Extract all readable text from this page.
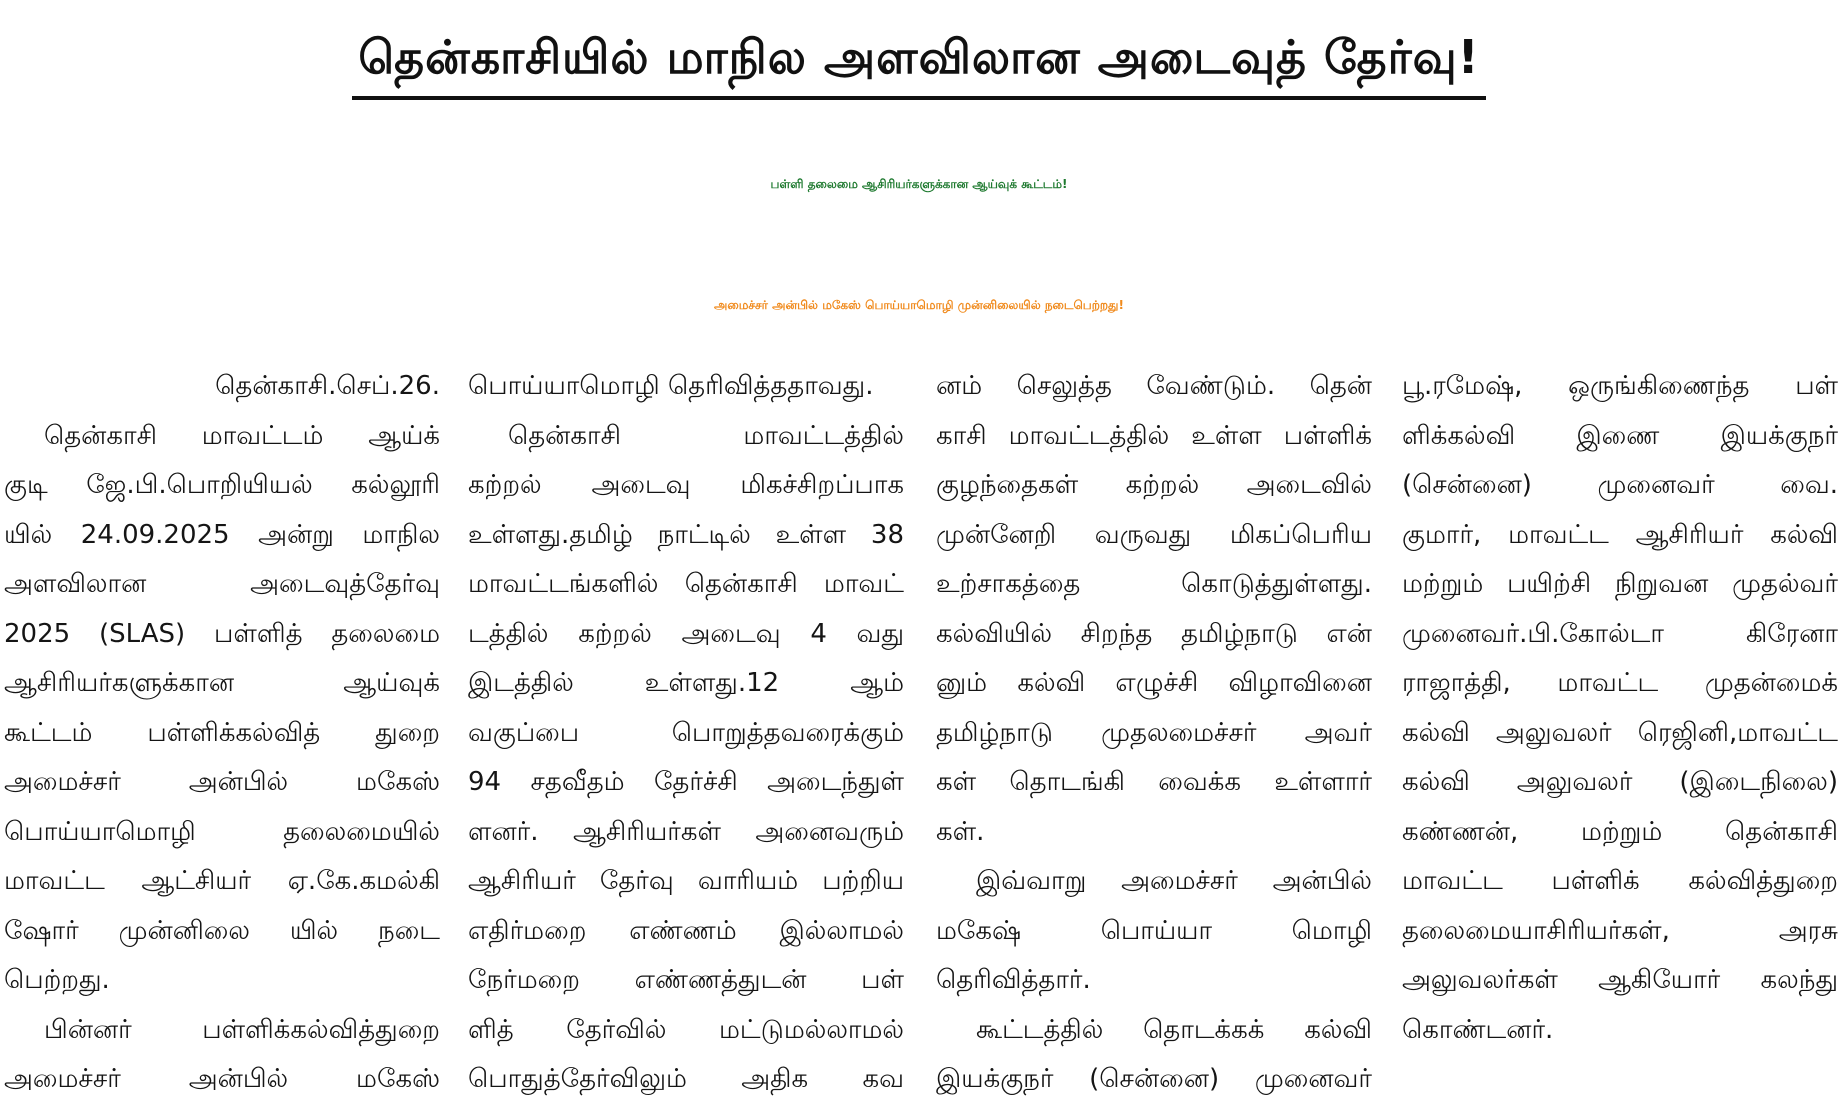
தென்காசியில் மாநில அளவிலான அடைவுத் தேர்வு!
பள்ளி தலைமை ஆசிரியர்களுக்கான ஆய்வுக் கூட்டம்!
அமைச்சர் அன்பில் மகேஸ் பொய்யாமொழி முன்னிலையில் நடைபெற்றது!
தென்காசி.செப்.26.
தென்காசி மாவட்டம் ஆய்க்
குடி ஜே.பி.பொறியியல் கல்லூரி
யில் 24.09.2025 அன்று மாநில
அளவிலான அடைவுத்தேர்வு
2025 (SLAS) பள்ளித் தலைமை
ஆசிரியர்களுக்கான ஆய்வுக்
கூட்டம் பள்ளிக்கல்வித் துறை
அமைச்சர் அன்பில் மகேஸ்
பொய்யாமொழி தலைமையில்
மாவட்ட ஆட்சியர் ஏ.கே.கமல்கி
ஷோர் முன்னிலை யில் நடை
பெற்றது.
பின்னர் பள்ளிக்கல்வித்துறை
அமைச்சர் அன்பில் மகேஸ்
பொய்யாமொழி தெரிவித்ததாவது.
தென்காசி மாவட்டத்தில்
கற்றல் அடைவு மிகச்சிறப்பாக
உள்ளது.தமிழ் நாட்டில் உள்ள 38
மாவட்டங்களில் தென்காசி மாவட்
டத்தில் கற்றல் அடைவு 4 வது
இடத்தில் உள்ளது.12 ஆம்
வகுப்பை பொறுத்தவரைக்கும்
94 சதவீதம் தேர்ச்சி அடைந்துள்
ளனர். ஆசிரியர்கள் அனைவரும்
ஆசிரியர் தேர்வு வாரியம் பற்றிய
எதிர்மறை எண்ணம் இல்லாமல்
நேர்மறை எண்ணத்துடன் பள்
ளித் தேர்வில் மட்டுமல்லாமல்
பொதுத்தேர்விலும் அதிக கவ
னம் செலுத்த வேண்டும். தென்
காசி மாவட்டத்தில் உள்ள பள்ளிக்
குழந்தைகள் கற்றல் அடைவில்
முன்னேறி வருவது மிகப்பெரிய
உற்சாகத்தை கொடுத்துள்ளது.
கல்வியில் சிறந்த தமிழ்நாடு என்
னும் கல்வி எழுச்சி விழாவினை
தமிழ்நாடு முதலமைச்சர் அவர்
கள் தொடங்கி வைக்க உள்ளார்
கள்.
இவ்வாறு அமைச்சர் அன்பில்
மகேஷ் பொய்யா மொழி
தெரிவித்தார்.
கூட்டத்தில் தொடக்கக் கல்வி
இயக்குநர் (சென்னை) முனைவர்
பூ.ரமேஷ், ஒருங்கிணைந்த பள்
ளிக்கல்வி இணை இயக்குநர்
(சென்னை) முனைவர் வை.
குமார், மாவட்ட ஆசிரியர் கல்வி
மற்றும் பயிற்சி நிறுவன முதல்வர்
முனைவர்.பி.கோல்டா கிரேனா
ராஜாத்தி, மாவட்ட முதன்மைக்
கல்வி அலுவலர் ரெஜினி,மாவட்ட
கல்வி அலுவலர் (இடைநிலை)
கண்ணன், மற்றும் தென்காசி
மாவட்ட பள்ளிக் கல்வித்துறை
தலைமையாசிரியர்கள், அரசு
அலுவலர்கள் ஆகியோர் கலந்து
கொண்டனர்.
